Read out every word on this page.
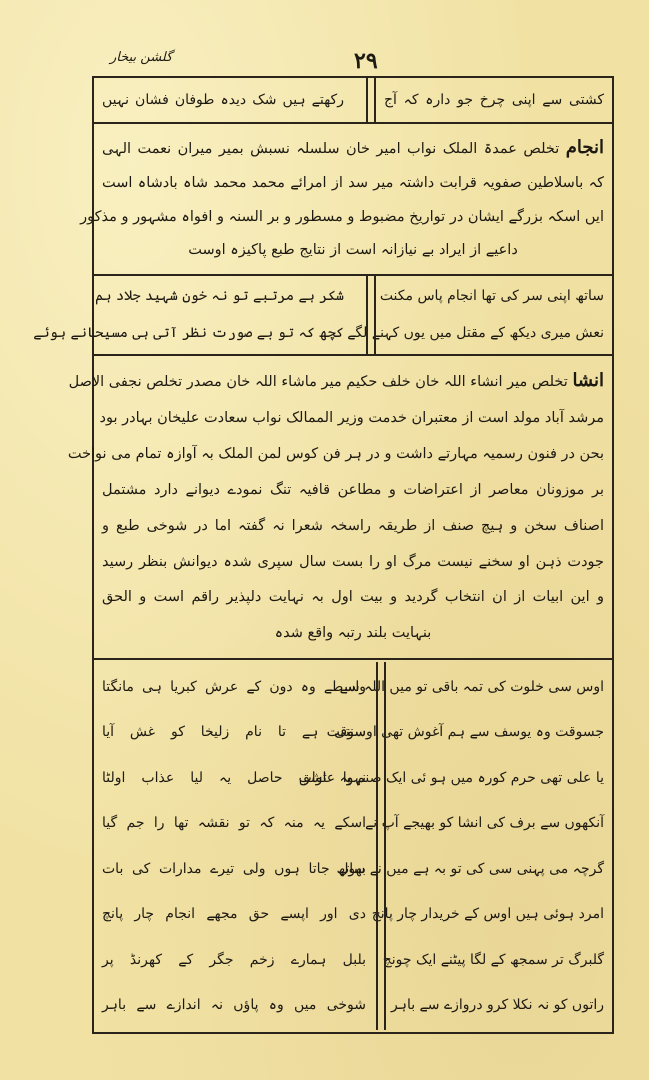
گلشن بیخار	۲۹
کشتی سے اپنی چرخ جو دارہ کہ آج
رکھتے ہیں شک دیدہ طوفان فشان نہیں
انجام تخلص عمدۃ الملک نواب امیر خان سلسلہ نسبش بمیر میران نعمت الہی
کہ باسلاطین صفویہ قرابت داشتہ میر سد از امرائے محمد محمد شاہ بادشاہ است
ایں اسکہ بزرگے ایشان در تواریخ مضبوط و مسطور و بر السنہ و افواہ مشہور و مذکور
داعیے از ایراد بے نیازانہ است از نتایج طبع پاکیزہ اوست
ساتھ اپنی سر کی تھا انجام پاس مکنت
نعش میری دیکھ کے مقتل میں یوں کہنے لگے
شکر ہے مرتبے تو نہ خون شہید جلاد ہم
کچھ کہ تو بے صورت نظر آتی ہی مسیحانے ہوئے
انشا تخلص میر انشاء اللہ خان خلف حکیم میر ماشاء اللہ خان مصدر تخلص نجفی الاصل
مرشد آباد مولد است از معتبران خدمت وزیر الممالک نواب سعادت علیخان بہادر بود
بحن در فنون رسمیہ مہارتے داشت و در ہر فن کوس لمن الملک بہ آوازہ تمام می نواخت
بر موزونان معاصر از اعتراضات و مطاعن قافیہ تنگ نمودے دیوانے دارد مشتمل
اصناف سخن و ہیچ صنف از طریقہ راسخہ شعرا نہ گفتہ اما در شوخی طبع و
جودت ذہن او سخنے نیست مرگ او را بست سال سپری شدہ دیوانش بنظر رسید
و این ابیات از ان انتخاب گردید و بیت اول بہ نہایت دلپذیر راقم است و الحق
بنہایت بلند رتبہ واقع شدہ
اوس سی خلوت کی تمہ باقی تو میں اللہ سے
جسوقت وہ یوسف سے ہم آغوش تھی اوسوقت
یا علی تھی حرم کورہ میں ہو ئی ایک صنم پہ عاشق
آنکھوں سے برف کی انشا کو بھیجے آپ نے
گرچہ می پہنی سی کی تو بہ ہے میں نے ساتھ
امرد ہوئی ہیں اوس کے خریدار چار پانچ
گلبرگ تر سمجھ کے لگا پیٹنے ایک چونچ
راتوں کو نہ نکلا کرو دروازے سے باہر
واسطے وہ دون کے عرش کبریا ہی مانگتا
سنتی ہے تا نام زلیخا کو غش آیا
نہوا ثواب حاصل یہ لیا عذاب اولٹا
اسکے یہ منہ کہ تو نقشہ تھا را جم گیا
بھول جاتا ہوں ولی تیرے مدارات کی بات
دی اور اپسے حق مجھے انجام چار پانچ
بلبل ہمارے زخم جگر کے کھرنڈ پر
شوخی میں وہ پاؤں نہ اندازے سے باہر
